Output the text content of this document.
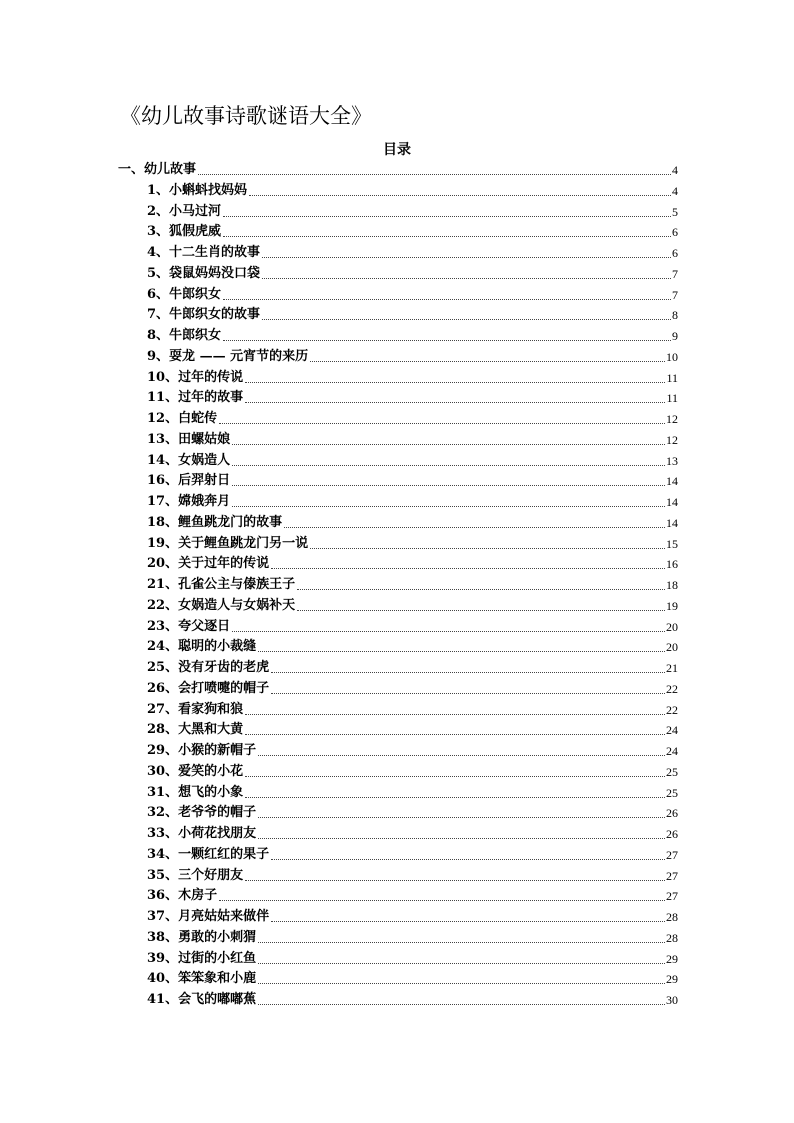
《幼儿故事诗歌谜语大全》
目录
一、幼儿故事	4
1、小蝌蚪找妈妈	4
2、小马过河	5
3、狐假虎威	6
4、十二生肖的故事	6
5、袋鼠妈妈没口袋	7
6、牛郎织女	7
7、牛郎织女的故事	8
8、牛郎织女	9
9、耍龙 —— 元宵节的来历	10
10、过年的传说	11
11、过年的故事	11
12、白蛇传	12
13、田螺姑娘	12
14、女娲造人	13
16、后羿射日	14
17、嫦娥奔月	14
18、鲤鱼跳龙门的故事	14
19、关于鲤鱼跳龙门另一说	15
20、关于过年的传说	16
21、孔雀公主与傣族王子	18
22、女娲造人与女娲补天	19
23、夸父逐日	20
24、聪明的小裁缝	20
25、没有牙齿的老虎	21
26、会打喷嚏的帽子	22
27、看家狗和狼	22
28、大黑和大黄	24
29、小猴的新帽子	24
30、爱笑的小花	25
31、想飞的小象	25
32、老爷爷的帽子	26
33、小荷花找朋友	26
34、一颗红红的果子	27
35、三个好朋友	27
36、木房子	27
37、月亮姑姑来做伴	28
38、勇敢的小刺猬	28
39、过街的小红鱼	29
40、笨笨象和小鹿	29
41、会飞的嘟嘟蕉	30
